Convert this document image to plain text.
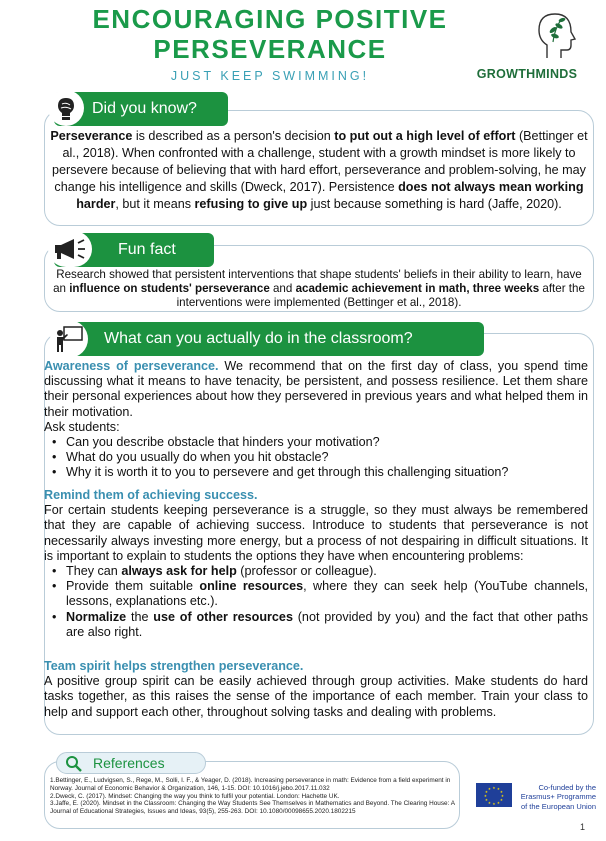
ENCOURAGING POSITIVE
PERSEVERANCE
JUST KEEP SWIMMING!	GROWTHMINDS
Did you know?

Perseverance is described as a person's decision to put out a high level of effort (Bettinger et al., 2018). When confronted with a challenge, student with a growth mindset is more likely to persevere because of believing that with hard effort, perseverance and problem-solving, he may change his intelligence and skills (Dweck, 2017). Persistence does not always mean working harder, but it means refusing to give up just because something is hard (Jaffe, 2020).

Fun fact

Research showed that persistent interventions that shape students' beliefs in their ability to learn, have an influence on students' perseverance and academic achievement in math, three weeks after the interventions were implemented (Bettinger et al., 2018).

What can you actually do in the classroom?
Awareness of perseverance. We recommend that on the first day of class, you spend time discussing what it means to have tenacity, be persistent, and possess resilience. Let them share their personal experiences about how they persevered in previous years and what helped them in their motivation.
Ask students:
• Can you describe obstacle that hinders your motivation?
• What do you usually do when you hit obstacle?
• Why it is worth it to you to persevere and get through this challenging situation?
Remind them of achieving success.
For certain students keeping perseverance is a struggle, so they must always be remembered that they are capable of achieving success. Introduce to students that perseverance is not necessarily always investing more energy, but a process of not despairing in difficult situations. It is important to explain to students the options they have when encountering problems:
• They can always ask for help (professor or colleague).
• Provide them suitable online resources, where they can seek help (YouTube channels, lessons, explanations etc.).
• Normalize the use of other resources (not provided by you) and the fact that other paths are also right.
Team spirit helps strengthen perseverance.
A positive group spirit can be easily achieved through group activities. Make students do hard tasks together, as this raises the sense of the importance of each member. Train your class to help and support each other, throughout solving tasks and dealing with problems.
References
1.Bettinger, E., Ludvigsen, S., Rege, M., Solli, I. F., & Yeager, D. (2018). Increasing perseverance in math: Evidence from a field experiment in Norway. Journal of Economic Behavior & Organization, 146, 1-15. DOI: 10.1016/j.jebo.2017.11.032
2.Dweck, C. (2017). Mindset: Changing the way you think to fulfil your potential. London: Hachette UK.
3.Jaffe, E. (2020). Mindset in the Classroom: Changing the Way Students See Themselves in Mathematics and Beyond. The Clearing House: A Journal of Educational Strategies, Issues and Ideas, 93(5), 255-263. DOI: 10.1080/00098655.2020.1802215
★ ★
★
★
★
★
★
★
★
★
★
★	Co-funded by the
Erasmus+ Programme
of the European Union
1
